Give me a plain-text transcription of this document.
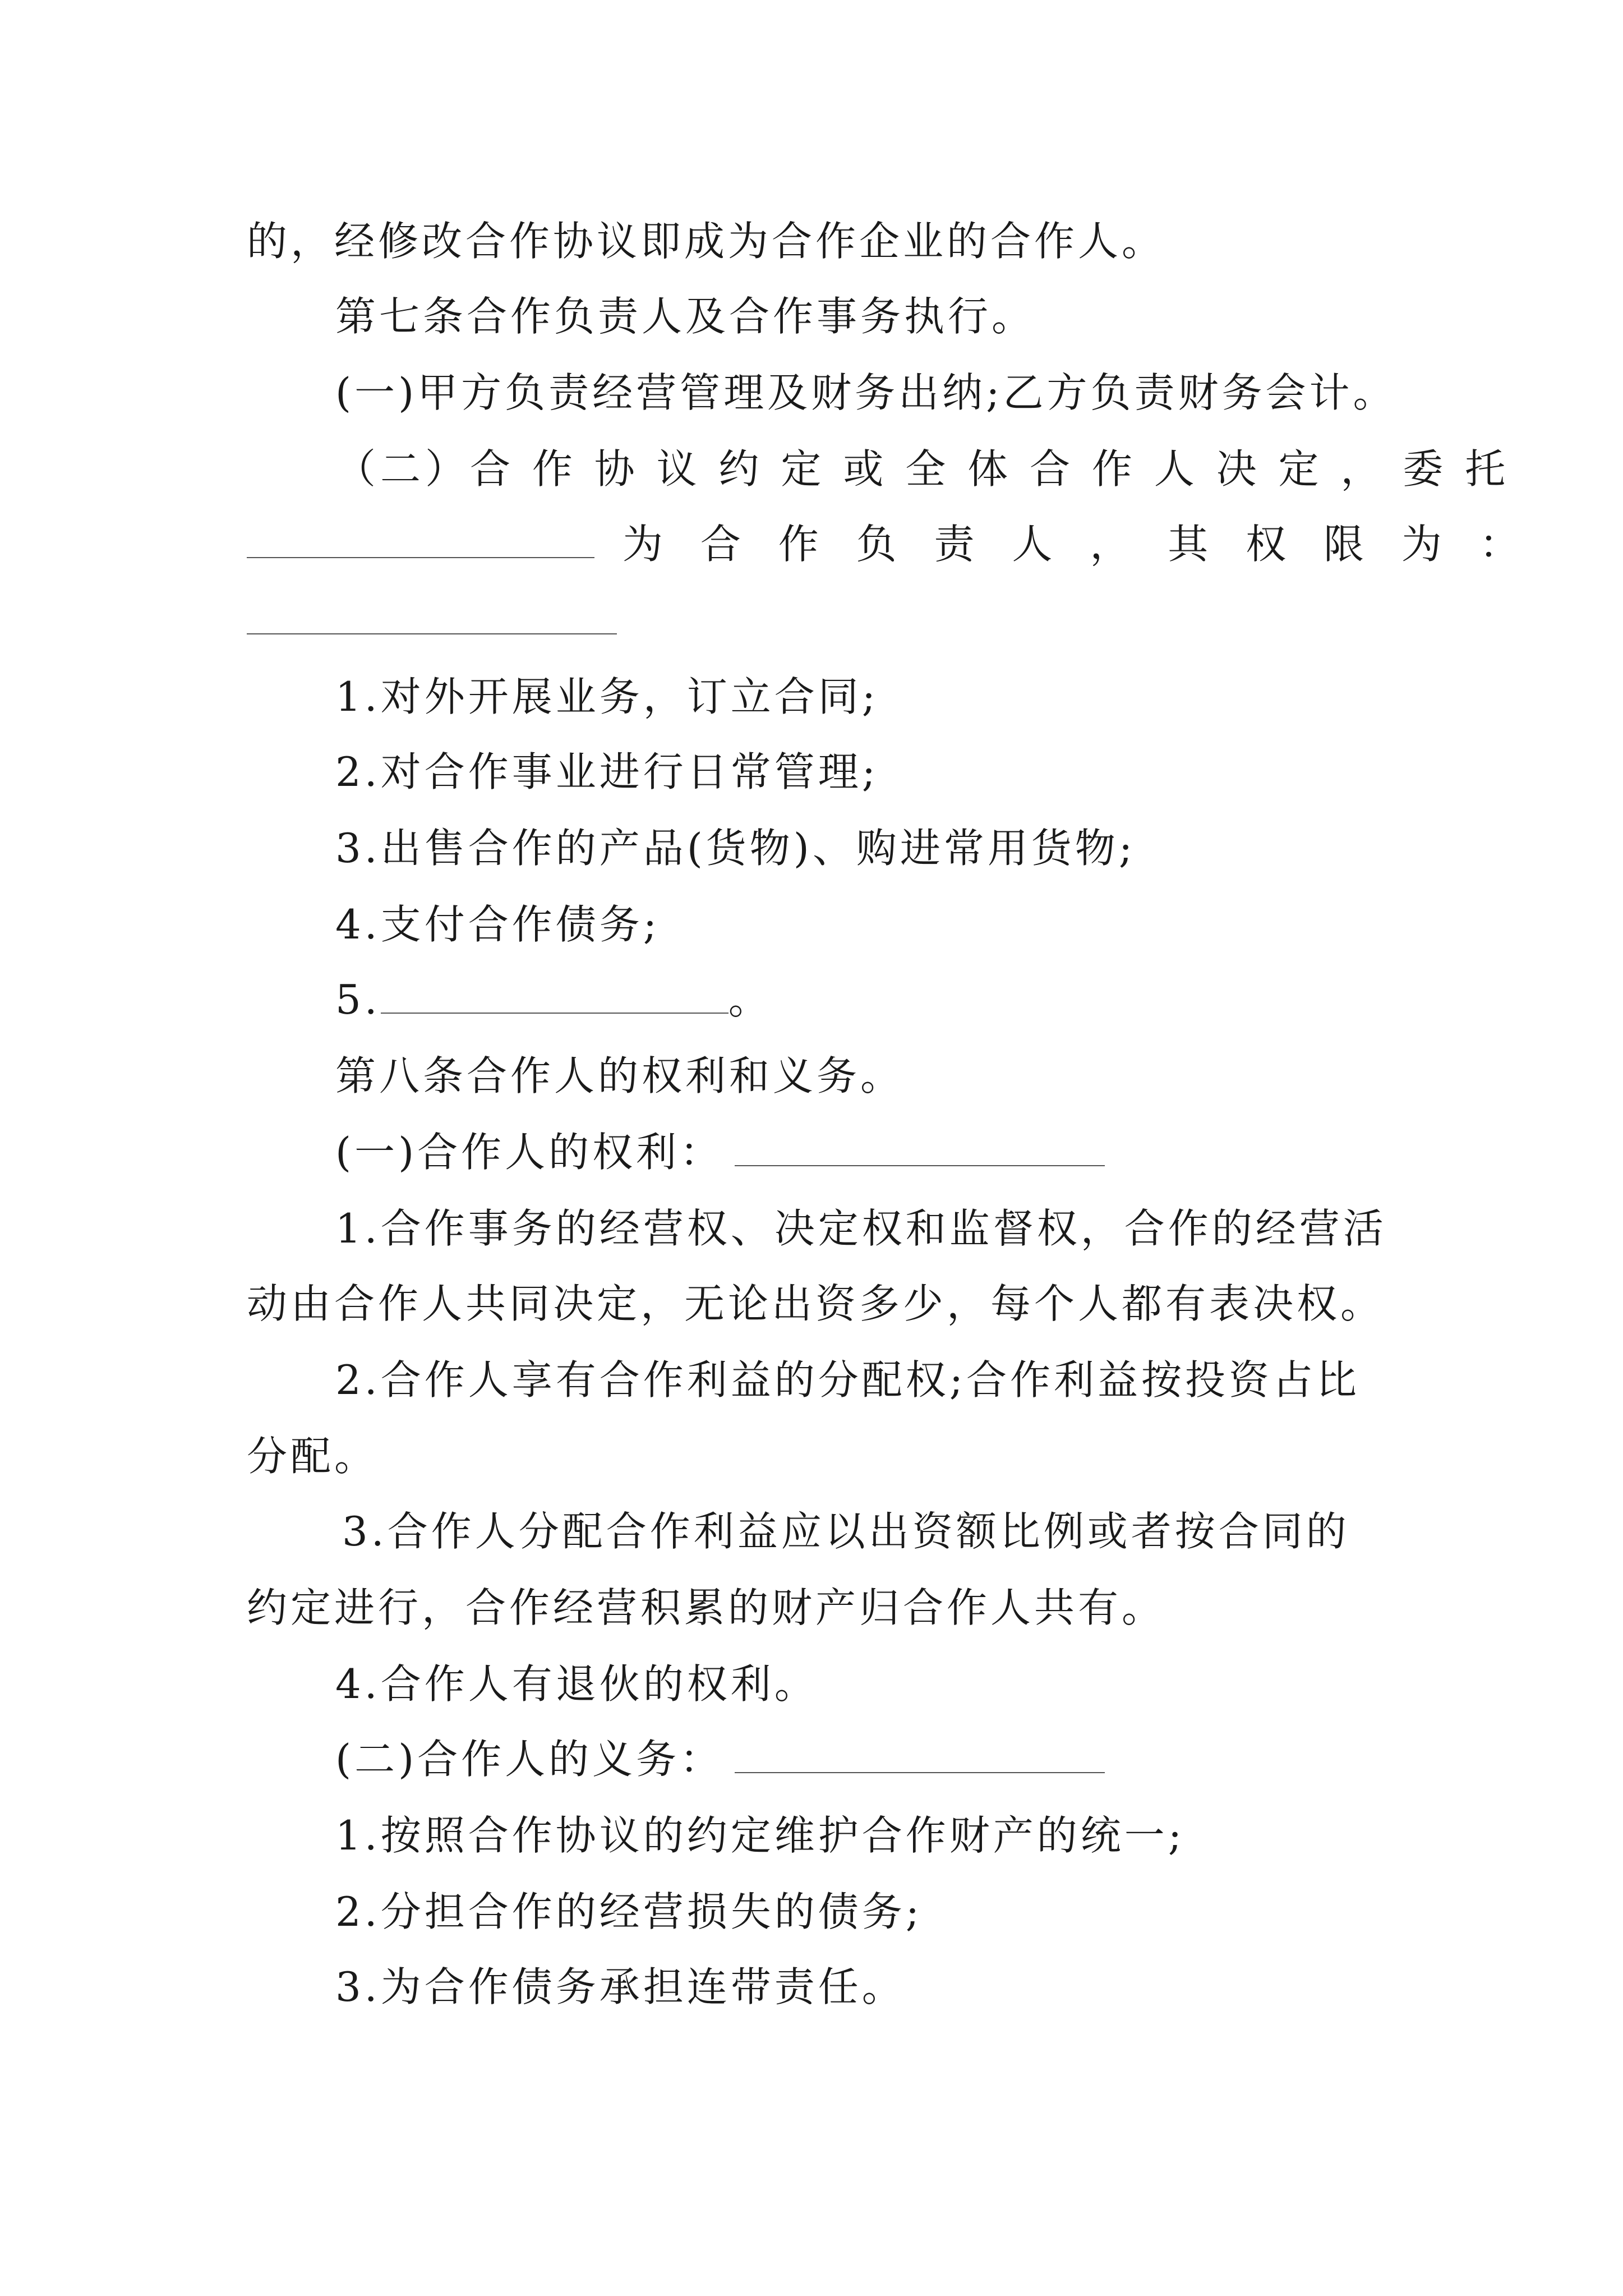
的，经修改合作协议即成为合作企业的合作人。
第七条合作负责人及合作事务执行。
(一)甲方负责经营管理及财务出纳;乙方负责财务会计。
（二）合 作 协 议 约 定 或 全 体 合 作 人 决 定 ， 委 托
为 合 作 负 责 人 ， 其 权 限 为 ：
1.对外开展业务，订立合同;
2.对合作事业进行日常管理;
3.出售合作的产品(货物)、购进常用货物;
4.支付合作债务;
5.	。
第八条合作人的权利和义务。
(一)合作人的权利：
1.合作事务的经营权、决定权和监督权，合作的经营活
动由合作人共同决定，无论出资多少，每个人都有表决权。
2.合作人享有合作利益的分配权;合作利益按投资占比
分配。
3.合作人分配合作利益应以出资额比例或者按合同的
约定进行，合作经营积累的财产归合作人共有。
4.合作人有退伙的权利。
(二)合作人的义务：
1.按照合作协议的约定维护合作财产的统一;
2.分担合作的经营损失的债务;
3.为合作债务承担连带责任。
